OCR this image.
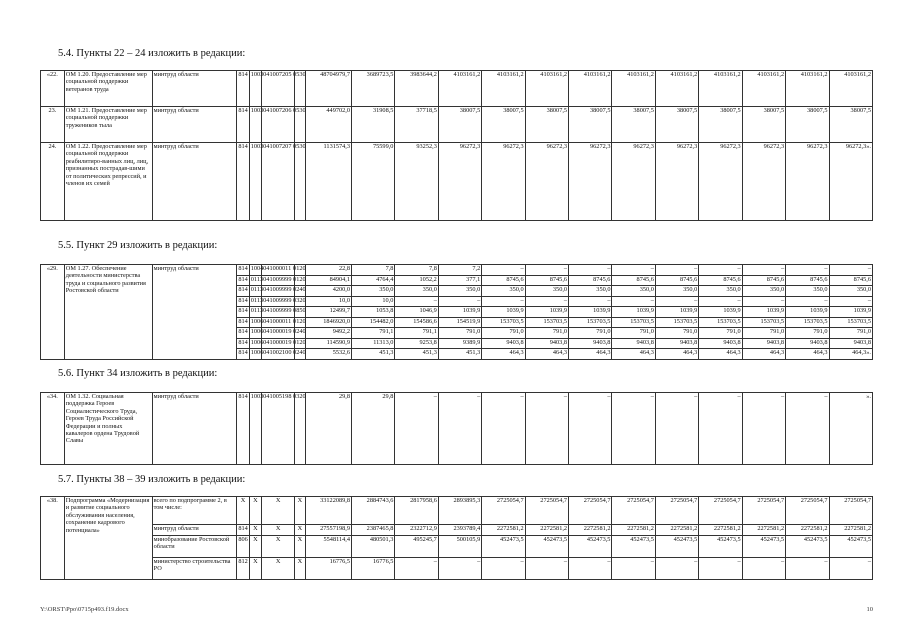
5.4. Пункты 22 – 24 изложить в редакции:
«22.	ОМ 1.20. Предоставление мер социальной поддержки ветеранов труда	минтруд области	814	1003	041007205 0	530	48704979,7	3689723,5	3983644,2	4103161,2	4103161,2	4103161,2	4103161,2	4103161,2	4103161,2	4103161,2	4103161,2	4103161,2	4103161,2
23.	ОМ 1.21. Предоставление мер социальной поддержки тружеников тыла	минтруд области	814	1003	041007206 0	530	449702,0	31908,5	37718,5	38007,5	38007,5	38007,5	38007,5	38007,5	38007,5	38007,5	38007,5	38007,5	38007,5
24.	ОМ 1.22. Предоставление мер социальной поддержки реабилитиро-ванных лиц, лиц, признанных пострадав-шими от политических репрессий, и членов их семей	минтруд области	814	1003	041007207 0	530	1131574,3	75599,0	93252,3	96272,3	96272,3	96272,3	96272,3	96272,3	96272,3	96272,3	96272,3	96272,3	96272,3».
5.5. Пункт 29 изложить в редакции:
«29.	ОМ 1.27. Обеспечение деятельности министерства труда и социального развития Ростовской области	минтруд области	814	1004	041000011 0	120	22,8	7,8	7,8	7,2	–	–	–	–	–	–	–	–	–
			814	0113	041009999 0	120	84904,1	4764,4	1052,2	377,1	8745,6	8745,6	8745,6	8745,6	8745,6	8745,6	8745,6	8745,6	8745,6
			814	0113	041009999 0	240	4200,0	350,0	350,0	350,0	350,0	350,0	350,0	350,0	350,0	350,0	350,0	350,0	350,0
			814	0113	041009999 0	320	10,0	10,0	–	–	–	–	–	–	–	–	–	–	–
			814	0113	041009999 0	850	12499,7	1053,8	1046,9	1039,9	1039,9	1039,9	1039,9	1039,9	1039,9	1039,9	1039,9	1039,9	1039,9
			814	1006	041000011 0	120	1846920,0	154482,0	154586,6	154519,9	153703,5	153703,5	153703,5	153703,5	153703,5	153703,5	153703,5	153703,5	153703,5
			814	1006	041000019 0	240	9492,2	791,1	791,1	791,0	791,0	791,0	791,0	791,0	791,0	791,0	791,0	791,0	791,0
			814	1006	041000019 0	120	114590,9	11313,0	9253,8	9389,9	9403,8	9403,8	9403,8	9403,8	9403,8	9403,8	9403,8	9403,8	9403,8
			814	1006	041002100 0	240	5532,6	451,3	451,3	451,3	464,3	464,3	464,3	464,3	464,3	464,3	464,3	464,3	464,3».
5.6. Пункт 34 изложить в редакции:
«34.	ОМ 1.32. Социальная поддержка Героев Социалистического Труда, Героев Труда Российской Федерации и полных кавалеров ордена Трудовой Славы	минтруд области	814	1003	041005198 0	320	29,8	29,8	–	–	–	–	–	–	–	–	–	–	».
5.7. Пункты 38 – 39 изложить в редакции:
«38.	Подпрограмма «Модернизация и развитие социального обслуживания населения, сохранение кадрового потенциала»	всего по подпрограмме 2, в том числе:	X	X	X	X	33122089,8	2884743,6	2817958,6	2893895,3	2725054,7	2725054,7	2725054,7	2725054,7	2725054,7	2725054,7	2725054,7	2725054,7	2725054,7
		минтруд области	814	X	X	X	27557198,9	2387465,8	2322712,9	2393789,4	2272581,2	2272581,2	2272581,2	2272581,2	2272581,2	2272581,2	2272581,2	2272581,2	2272581,2
		минобразование Ростовской области	806	X	X	X	5548114,4	480501,3	495245,7	500105,9	452473,5	452473,5	452473,5	452473,5	452473,5	452473,5	452473,5	452473,5	452473,5
		министерство строительства РО	812	X	X	X	16776,5	16776,5	–	–	–	–	–	–	–	–	–	–	–
Y:\ORST\Ppo\0715p493.f19.docx	10
